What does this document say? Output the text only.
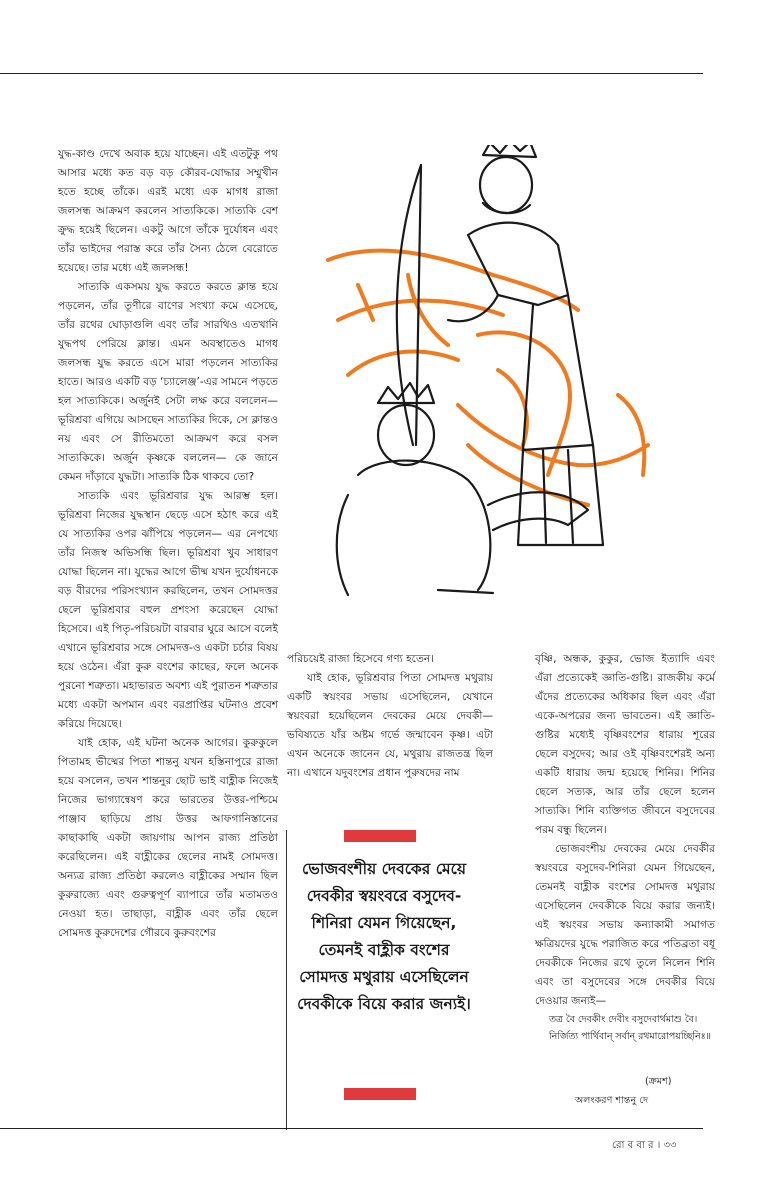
যুদ্ধ-কাণ্ড দেখে অবাক হয়ে যাচ্ছেন। এই এতটুকু পথ আসার মধ্যে কত বড় বড় কৌরব-যোদ্ধার সম্মুখীন হতে হচ্ছে তাঁকে। এরই মধ্যে এক মাগধ রাজা জলসন্ধ আক্রমণ করলেন সাত্যকিকে। সাত্যকি বেশ ক্রুদ্ধ হয়েই ছিলেন। একটু আগে তাঁকে দুর্যোধন এবং তাঁর ভাইদের পরাস্ত করে তাঁর সৈন্য ঠেলে বেরোতে হয়েছে। তার মধ্যে এই জলসন্ধ!

সাত্যকি একসময় যুদ্ধ করতে করতে ক্লান্ত হয়ে পড়লেন, তাঁর তূণীরে বাণের সংখ্যা কমে এসেছে, তাঁর রথের ঘোড়াগুলি এবং তাঁর সারথিও এতখানি যুদ্ধপথ পেরিয়ে ক্লান্ত। এমন অবস্থাতেও মাগধ জলসন্ধ যুদ্ধ করতে এসে মারা পড়লেন সাত্যকির হাতে। আরও একটি বড় ‘চ্যালেঞ্জ’-এর সামনে পড়তে হল সাত্যকিকে। অর্জুনই সেটা লক্ষ করে বললেন— ভূরিশ্রবা এগিয়ে আসছেন সাত্যকির দিকে, সে ক্লান্তও নয় এবং সে রীতিমতো আক্রমণ করে বসল সাত্যকিকে। অর্জুন কৃষ্ণকে বললেন— কে জানে কেমন দাঁড়াবে যুদ্ধটা। সাত্যকি ঠিক থাকবে তো?

সাত্যকি এবং ভূরিশ্রবার যুদ্ধ আরম্ভ হল। ভূরিশ্রবা নিজের যুদ্ধস্থান ছেড়ে এসে হঠাৎ করে এই যে সাত্যকির ওপর ঝাঁপিয়ে পড়লেন— এর নেপথ্যে তাঁর নিজস্ব অভিসন্ধি ছিল। ভূরিশ্রবা খুব সাধারণ যোদ্ধা ছিলেন না। যুদ্ধের আগে ভীষ্ম যখন দুর্যোধনকে বড় বীরদের পরিসংখ্যান করছিলেন, তখন সোমদত্তর ছেলে ভূরিশ্রবার বহুল প্রশংসা করেছেন যোদ্ধা হিসেবে। এই পিতৃ-পরিচয়টা বারবার ঘুরে আসে বলেই এখানে ভূরিশ্রবার সঙ্গে সোমদত্ত-ও একটা চর্চার বিষয় হয়ে ওঠেন। এঁরা কুরু বংশের কাছের, ফলে অনেক পুরনো শত্রুতা। মহাভারত অবশ্য এই পুরাতন শত্রুতার মধ্যে একটা অপমান এবং বরপ্রাপ্তির ঘটনাও প্রবেশ করিয়ে দিয়েছে।

যাই হোক, এই ঘটনা অনেক আগের। কুরুকুলে পিতামহ ভীষ্মের পিতা শান্তনু যখন হস্তিনাপুরে রাজা হয়ে বসলেন, তখন শান্তনুর ছোট ভাই বাহ্লীক নিজেই নিজের ভাগ্যান্বেষণ করে ভারতের উত্তর-পশ্চিমে পাঞ্জাব ছাড়িয়ে প্রায় উত্তর আফগানিস্তানের কাছাকাছি একটা জায়গায় আপন রাজ্য প্রতিষ্ঠা করেছিলেন। এই বাহ্লীকের ছেলের নামই সোমদত্ত। অন্যত্র রাজ্য প্রতিষ্ঠা করলেও বাহ্লীকের সম্মান ছিল কুরুরাজ্যে এবং গুরুত্বপূর্ণ ব্যাপারে তাঁর মতামতও নেওয়া হত। তাছাড়া, বাহ্লীক এবং তাঁর ছেলে সোমদত্ত কুরুদেশের গৌরবে কুরুবংশের

পরিচয়েই রাজা হিসেবে গণ্য হতেন।

যাই হোক, ভূরিশ্রবার পিতা সোমদত্ত মথুরায় একটি স্বয়ংবর সভায় এসেছিলেন, যেখানে স্বয়ংবরা হয়েছিলেন দেবকের মেয়ে দেবকী— ভবিষ্যতে যাঁর অষ্টম গর্ভে জন্মাবেন কৃষ্ণ। এটা এখন অনেকে জানেন যে, মথুরায় রাজতন্ত্র ছিল না। এখানে যদুবংশের প্রধান পুরুষদের নাম

ভোজবংশীয় দেবকের মেয়ে দেবকীর স্বয়ংবরে বসুদেব-শিনিরা যেমন গিয়েছেন, তেমনই বাহ্লীক বংশের সোমদত্ত মথুরায় এসেছিলেন দেবকীকে বিয়ে করার জন্যই।

বৃষ্ণি, অন্ধক, কুকুর, ভোজ ইত্যাদি এবং এঁরা প্রত্যেকেই জ্ঞাতি-গুষ্টি। রাজকীয় কর্মে এঁদের প্রত্যেকের অধিকার ছিল এবং এঁরা একে-অপরের জন্য ভাবতেন। এই জ্ঞাতি-গুষ্টির মধ্যেই বৃষ্ণিবংশের ধারায় শূরের ছেলে বসুদেব; আর ওই বৃষ্ণিবংশেরই অন্য একটি ধারায় জন্ম হয়েছে শিনির। শিনির ছেলে সত্যক, আর তাঁর ছেলে হলেন সাত্যকি। শিনি ব্যক্তিগত জীবনে বসুদেবের পরম বন্ধু ছিলেন।

ভোজবংশীয় দেবকের মেয়ে দেবকীর স্বয়ংবরে বসুদেব-শিনিরা যেমন গিয়েছেন, তেমনই বাহ্লীক বংশের সোমদত্ত মথুরায় এসেছিলেন দেবকীকে বিয়ে করার জন্যই। এই স্বয়ংবর সভায় কন্যাকামী সমাগত ক্ষত্রিয়দের যুদ্ধে পরাজিত করে পতিব্রতা বধূ দেবকীকে নিজের রথে তুলে নিলেন শিনি এবং তা বসুদেবের সঙ্গে দেবকীর বিয়ে দেওয়ার জন্যই—

তত্র বৈ দেবকীং দেবীং বসুদেবার্থমাশু বৈ।

নির্জিত্য পার্থিবান্‌ সর্বান্‌ রথমারোপয়চ্ছিনিঃ॥

(ক্রমশ)
অলংকরণ শান্তনু দে
রো ব বা র । ৩৩
